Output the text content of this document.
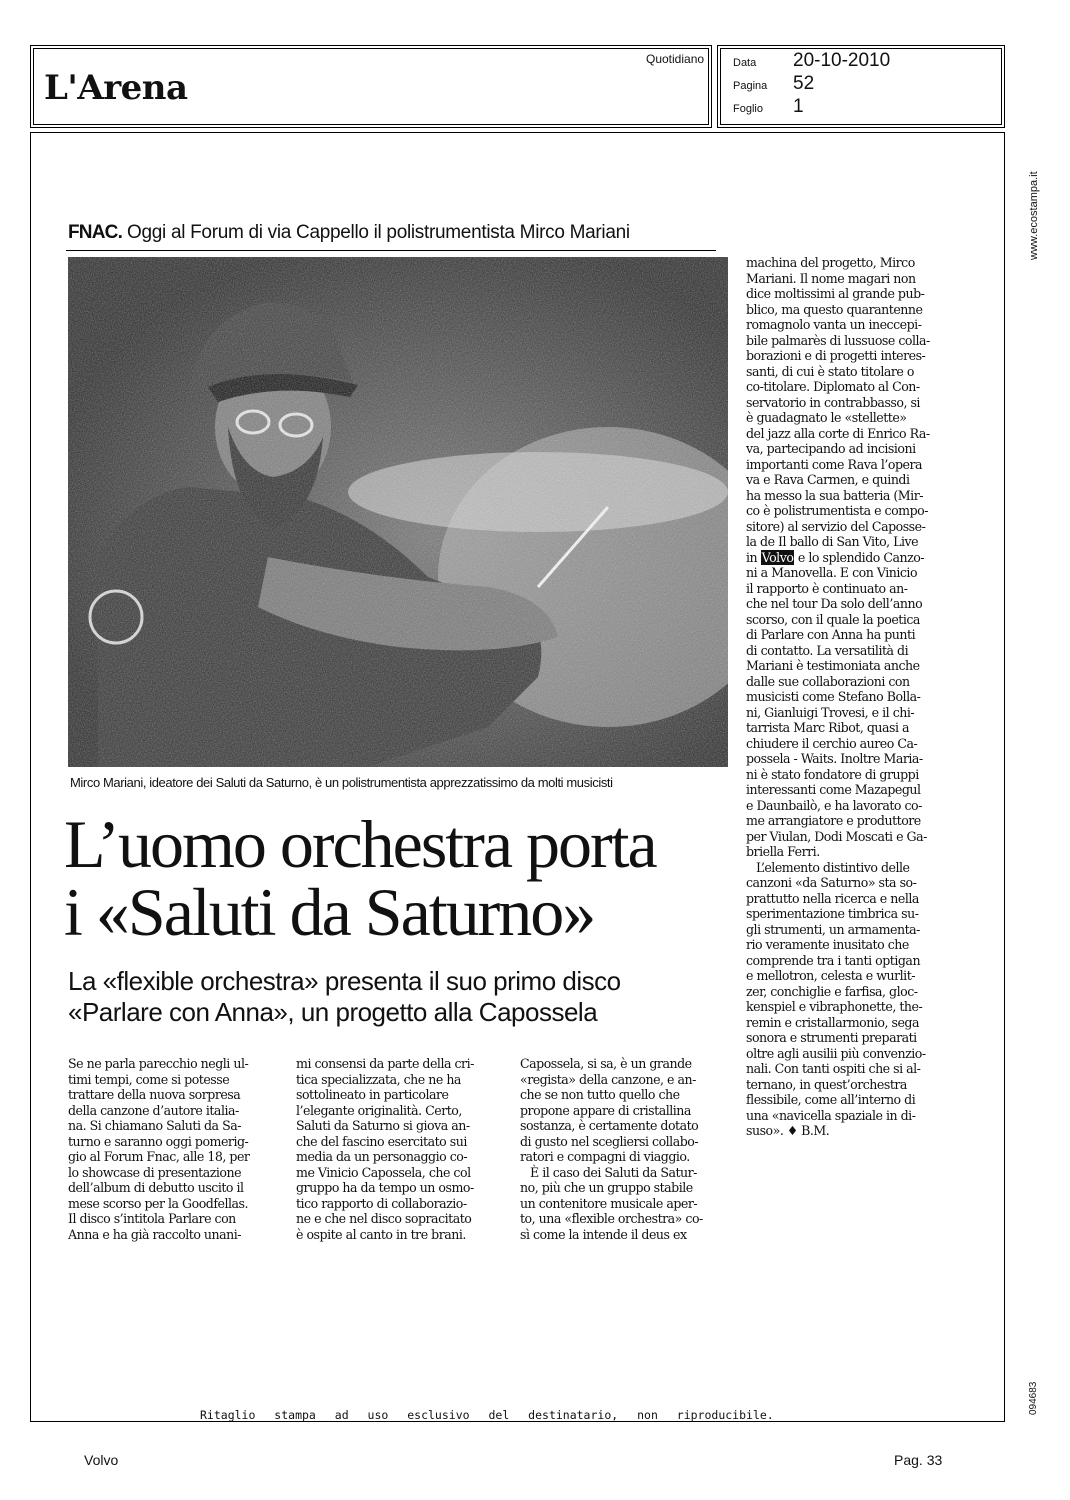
L'Arena
Quotidiano	Data 20-10-2010
Pagina 52
Foglio 1
www.ecostampa.it
094683
FNAC. Oggi al Forum di via Cappello il polistrumentista Mirco Mariani
Mirco Mariani, ideatore dei Saluti da Saturno, è un polistrumentista apprezzatissimo da molti musicisti
L’uomo orchestra porta
i «Saluti da Saturno»
La «flexible orchestra» presenta il suo primo disco
«Parlare con Anna», un progetto alla Capossela
Se ne parla parecchio negli ul-
timi tempi, come si potesse
trattare della nuova sorpresa
della canzone d’autore italia-
na. Si chiamano Saluti da Sa-
turno e saranno oggi pomerig-
gio al Forum Fnac, alle 18, per
lo showcase di presentazione
dell’album di debutto uscito il
mese scorso per la Goodfellas.
Il disco s’intitola Parlare con
Anna e ha già raccolto unani-
mi consensi da parte della cri-
tica specializzata, che ne ha
sottolineato in particolare
l’elegante originalità. Certo,
Saluti da Saturno si giova an-
che del fascino esercitato sui
media da un personaggio co-
me Vinicio Capossela, che col
gruppo ha da tempo un osmo-
tico rapporto di collaborazio-
ne e che nel disco sopracitato
è ospite al canto in tre brani.
Capossela, si sa, è un grande
«regista» della canzone, e an-
che se non tutto quello che
propone appare di cristallina
sostanza, è certamente dotato
di gusto nel scegliersi collabo-
ratori e compagni di viaggio.
È il caso dei Saluti da Satur-
no, più che un gruppo stabile
un contenitore musicale aper-
to, una «flexible orchestra» co-
sì come la intende il deus ex
machina del progetto, Mirco
Mariani. Il nome magari non
dice moltissimi al grande pub-
blico, ma questo quarantenne
romagnolo vanta un ineccepi-
bile palmarès di lussuose colla-
borazioni e di progetti interes-
santi, di cui è stato titolare o
co-titolare. Diplomato al Con-
servatorio in contrabbasso, si
è guadagnato le «stellette»
del jazz alla corte di Enrico Ra-
va, partecipando ad incisioni
importanti come Rava l’opera
va e Rava Carmen, e quindi
ha messo la sua batteria (Mir-
co è polistrumentista e compo-
sitore) al servizio del Caposse-
la de Il ballo di San Vito, Live
in Volvo e lo splendido Canzo-
ni a Manovella. E con Vinicio
il rapporto è continuato an-
che nel tour Da solo dell’anno
scorso, con il quale la poetica
di Parlare con Anna ha punti
di contatto. La versatilità di
Mariani è testimoniata anche
dalle sue collaborazioni con
musicisti come Stefano Bolla-
ni, Gianluigi Trovesi, e il chi-
tarrista Marc Ribot, quasi a
chiudere il cerchio aureo Ca-
possela - Waits. Inoltre Maria-
ni è stato fondatore di gruppi
interessanti come Mazapegul
e Daunbailò, e ha lavorato co-
me arrangiatore e produttore
per Viulan, Dodi Moscati e Ga-
briella Ferri.
L’elemento distintivo delle
canzoni «da Saturno» sta so-
prattutto nella ricerca e nella
sperimentazione timbrica su-
gli strumenti, un armamenta-
rio veramente inusitato che
comprende tra i tanti optigan
e mellotron, celesta e wurlit-
zer, conchiglie e farfisa, gloc-
kenspiel e vibraphonette, the-
remin e cristallarmonio, sega
sonora e strumenti preparati
oltre agli ausilii più convenzio-
nali. Con tanti ospiti che si al-
ternano, in quest’orchestra
flessibile, come all’interno di
una «navicella spaziale in di-
suso». ♦ B.M.
Ritaglio stampa ad uso esclusivo del destinatario, non riproducibile.
Volvo	Pag. 33
